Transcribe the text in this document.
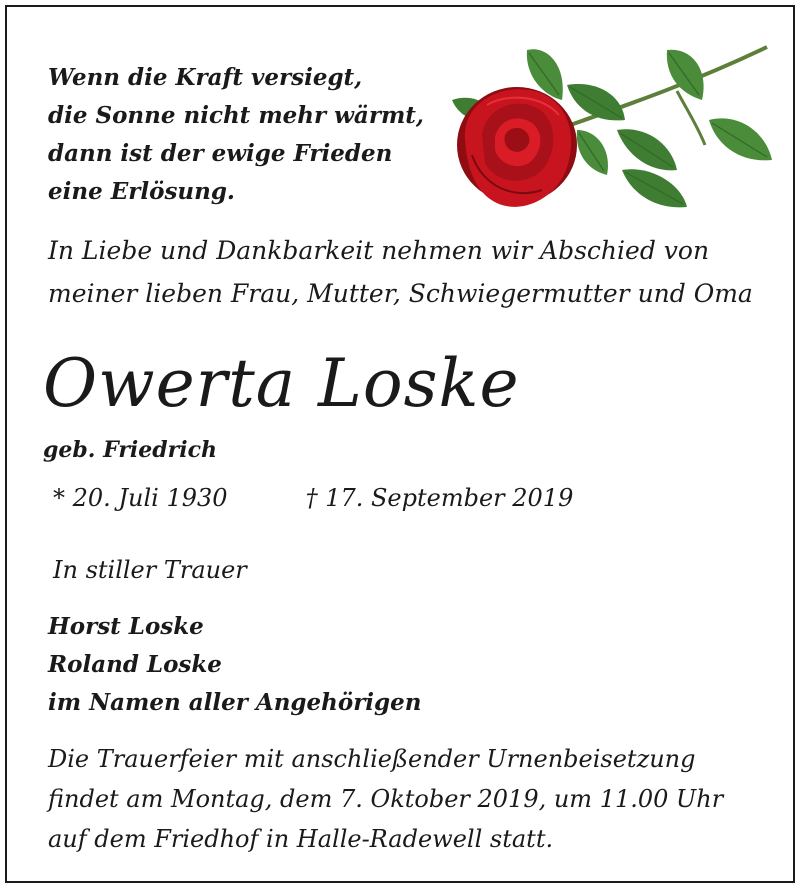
Wenn die Kraft versiegt,
die Sonne nicht mehr wärmt,
dann ist der ewige Frieden
eine Erlösung.
In Liebe und Dankbarkeit nehmen wir Abschied von
meiner lieben Frau, Mutter, Schwiegermutter und Oma
Owerta Loske
geb. Friedrich
* 20. Juli 1930	† 17. September 2019
In stiller Trauer
Horst Loske
Roland Loske
im Namen aller Angehörigen
Die Trauerfeier mit anschließender Urnenbeisetzung
findet am Montag, dem 7. Oktober 2019, um 11.00 Uhr
auf dem Friedhof in Halle-Radewell statt.
